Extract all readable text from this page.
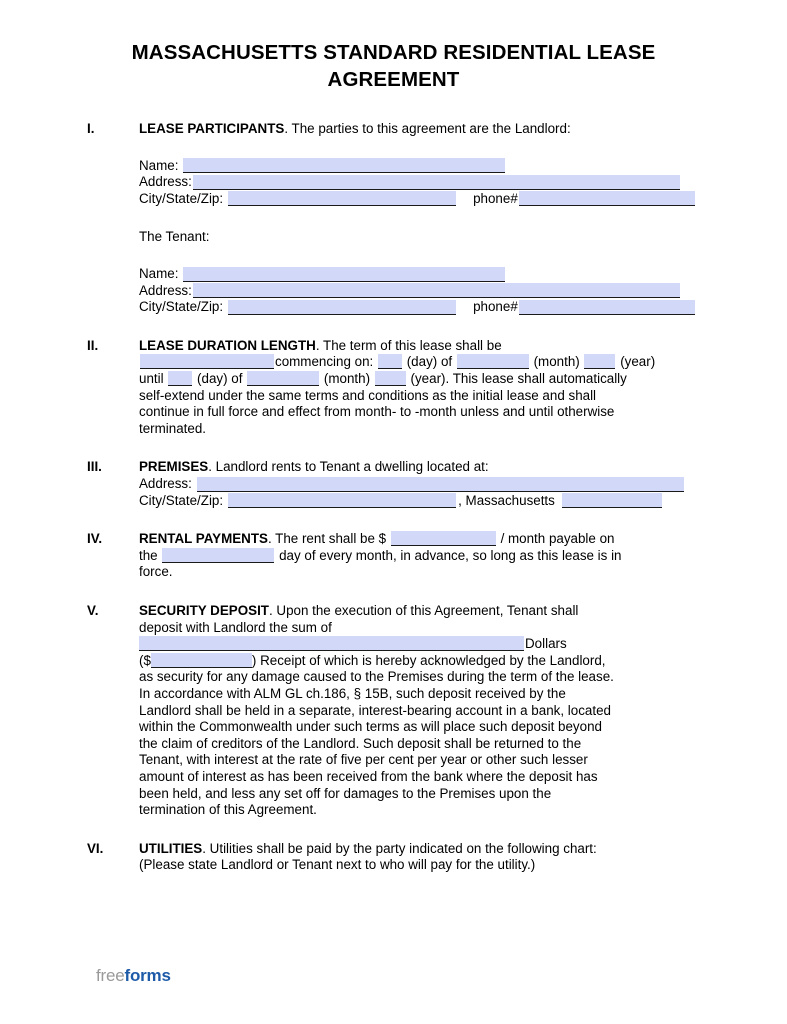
MASSACHUSETTS STANDARD RESIDENTIAL LEASE AGREEMENT
I.	LEASE PARTICIPANTS. The parties to this agreement are the Landlord:

Name:
Address:
City/State/Zip:	phone#

The Tenant:

Name:
Address:
City/State/Zip:	phone#
II.	LEASE DURATION LENGTH. The term of this lease shall be

commencing on: (day) of	(month)	(year)

until (day) of	(month)	(year). This lease shall automatically

self-extend under the same terms and conditions as the initial lease and shall

continue in full force and effect from month- to -month unless and until otherwise

terminated.

III.	PREMISES. Landlord rents to Tenant a dwelling located at:

Address:
City/State/Zip:	, Massachusetts
IV.	RENTAL PAYMENTS. The rent shall be $	/ month payable on

the	day of every month, in advance, so long as this lease is in

force.

V.	SECURITY DEPOSIT. Upon the execution of this Agreement, Tenant shall

deposit with Landlord the sum of

Dollars

($	) Receipt of which is hereby acknowledged by the Landlord,

as security for any damage caused to the Premises during the term of the lease.

In accordance with ALM GL ch.186, § 15B, such deposit received by the

Landlord shall be held in a separate, interest-bearing account in a bank, located

within the Commonwealth under such terms as will place such deposit beyond

the claim of creditors of the Landlord. Such deposit shall be returned to the

Tenant, with interest at the rate of five per cent per year or other such lesser

amount of interest as has been received from the bank where the deposit has

been held, and less any set off for damages to the Premises upon the

termination of this Agreement.

VI.	UTILITIES. Utilities shall be paid by the party indicated on the following chart:

(Please state Landlord or Tenant next to who will pay for the utility.)

freeforms
